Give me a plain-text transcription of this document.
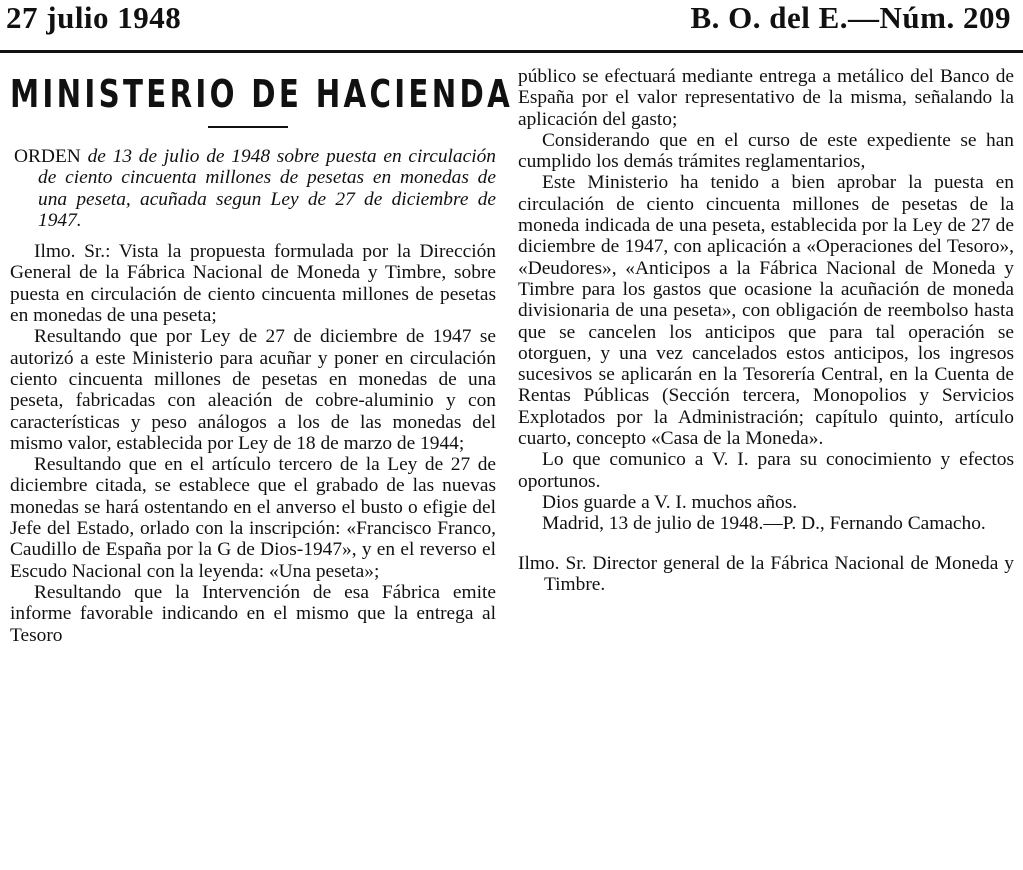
27 julio 1948	B. O. del E.—Núm. 209
MINISTERIO DE HACIENDA

ORDEN de 13 de julio de 1948 sobre puesta en circulación de ciento cincuenta millones de pesetas en monedas de una peseta, acuñada segun Ley de 27 de diciembre de 1947.

Ilmo. Sr.: Vista la propuesta formulada por la Dirección General de la Fábrica Nacional de Moneda y Timbre, sobre puesta en circulación de ciento cincuenta millones de pesetas en monedas de una peseta;

Resultando que por Ley de 27 de diciembre de 1947 se autorizó a este Ministerio para acuñar y poner en circulación ciento cincuenta millones de pesetas en monedas de una peseta, fabricadas con aleación de cobre-aluminio y con características y peso análogos a los de las monedas del mismo valor, establecida por Ley de 18 de marzo de 1944;

Resultando que en el artículo tercero de la Ley de 27 de diciembre citada, se establece que el grabado de las nuevas monedas se hará ostentando en el anverso el busto o efigie del Jefe del Estado, orlado con la inscripción: «Francisco Franco, Caudillo de España por la G de Dios-1947», y en el reverso el Escudo Nacional con la leyenda: «Una peseta»;

Resultando que la Intervención de esa Fábrica emite informe favorable indicando en el mismo que la entrega al Tesoro

público se efectuará mediante entrega a metálico del Banco de España por el valor representativo de la misma, señalando la aplicación del gasto;

Considerando que en el curso de este expediente se han cumplido los demás trámites reglamentarios,

Este Ministerio ha tenido a bien aprobar la puesta en circulación de ciento cincuenta millones de pesetas de la moneda indicada de una peseta, establecida por la Ley de 27 de diciembre de 1947, con aplicación a «Operaciones del Tesoro», «Deudores», «Anticipos a la Fábrica Nacional de Moneda y Timbre para los gastos que ocasione la acuñación de moneda divisionaria de una peseta», con obligación de reembolso hasta que se cancelen los anticipos que para tal operación se otorguen, y una vez cancelados estos anticipos, los ingresos sucesivos se aplicarán en la Tesorería Central, en la Cuenta de Rentas Públicas (Sección tercera, Monopolios y Servicios Explotados por la Administración; capítulo quinto, artículo cuarto, concepto «Casa de la Moneda».

Lo que comunico a V. I. para su conocimiento y efectos oportunos.

Dios guarde a V. I. muchos años.

Madrid, 13 de julio de 1948.—P. D., Fernando Camacho.

Ilmo. Sr. Director general de la Fábrica Nacional de Moneda y Timbre.
